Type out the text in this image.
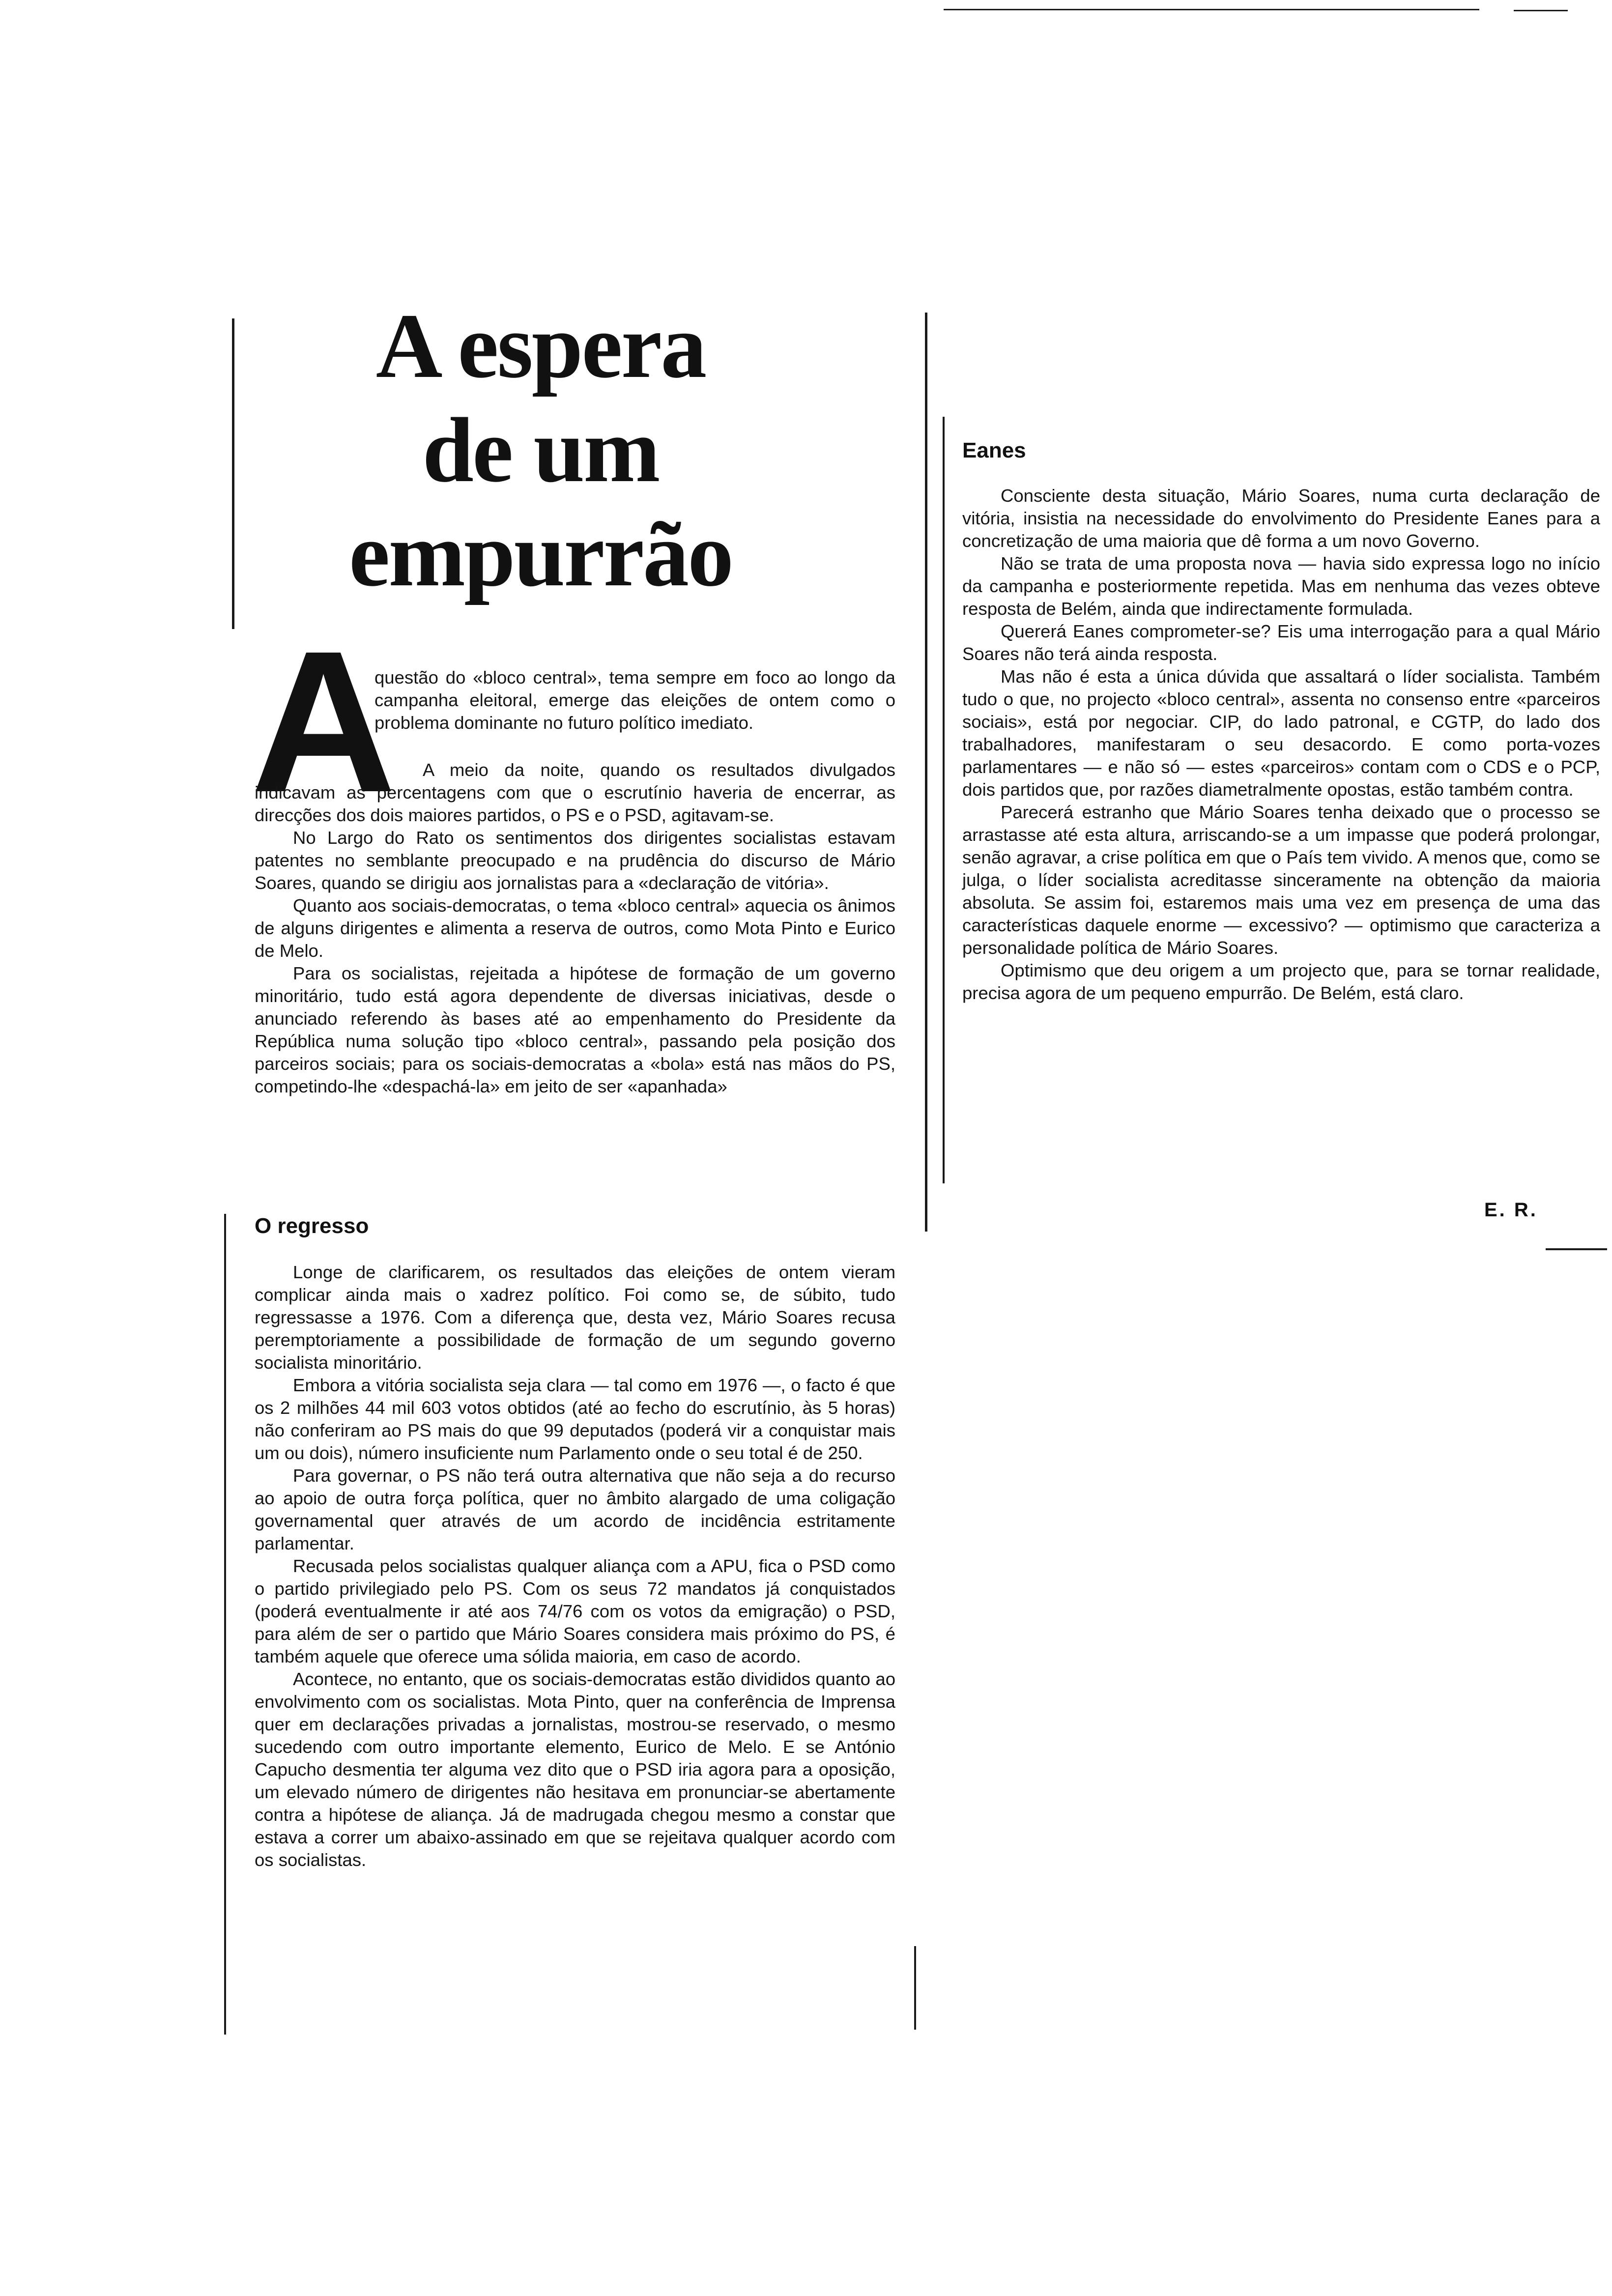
A espera
de um
empurrão
A

questão do «bloco central», tema sempre em foco ao longo da campanha eleitoral, emerge das eleições de ontem como o problema dominante no futuro político imediato.

A meio da noite, quando os resultados divulgados indicavam as percentagens com que o escrutínio haveria de encerrar, as direcções dos dois maiores partidos, o PS e o PSD, agitavam-se.

No Largo do Rato os sentimentos dos dirigentes socialistas estavam patentes no semblante preocupado e na prudência do discurso de Mário Soares, quando se dirigiu aos jornalistas para a «declaração de vitória».

Quanto aos sociais-democratas, o tema «bloco central» aquecia os ânimos de alguns dirigentes e alimenta a reserva de outros, como Mota Pinto e Eurico de Melo.

Para os socialistas, rejeitada a hipótese de formação de um governo minoritário, tudo está agora dependente de diversas iniciativas, desde o anunciado referendo às bases até ao empenhamento do Presidente da República numa solução tipo «bloco central», passando pela posição dos parceiros sociais; para os sociais-democratas a «bola» está nas mãos do PS, competindo-lhe «despachá-la» em jeito de ser «apanhada»

O regresso

Longe de clarificarem, os resultados das eleições de ontem vieram complicar ainda mais o xadrez político. Foi como se, de súbito, tudo regressasse a 1976. Com a diferença que, desta vez, Mário Soares recusa peremptoriamente a possibilidade de formação de um segundo governo socialista minoritário.

Embora a vitória socialista seja clara — tal como em 1976 —, o facto é que os 2 milhões 44 mil 603 votos obtidos (até ao fecho do escrutínio, às 5 horas) não conferiram ao PS mais do que 99 deputados (poderá vir a conquistar mais um ou dois), número insuficiente num Parlamento onde o seu total é de 250.

Para governar, o PS não terá outra alternativa que não seja a do recurso ao apoio de outra força política, quer no âmbito alargado de uma coligação governamental quer através de um acordo de incidência estritamente parlamentar.

Recusada pelos socialistas qualquer aliança com a APU, fica o PSD como o partido privilegiado pelo PS. Com os seus 72 mandatos já conquistados (poderá eventualmente ir até aos 74/76 com os votos da emigração) o PSD, para além de ser o partido que Mário Soares considera mais próximo do PS, é também aquele que oferece uma sólida maioria, em caso de acordo.

Acontece, no entanto, que os sociais-democratas estão divididos quanto ao envolvimento com os socialistas. Mota Pinto, quer na conferência de Imprensa quer em declarações privadas a jornalistas, mostrou-se reservado, o mesmo sucedendo com outro importante elemento, Eurico de Melo. E se António Capucho desmentia ter alguma vez dito que o PSD iria agora para a oposição, um elevado número de dirigentes não hesitava em pronunciar-se abertamente contra a hipótese de aliança. Já de madrugada chegou mesmo a constar que estava a correr um abaixo-assinado em que se rejeitava qualquer acordo com os socialistas.

Eanes

Consciente desta situação, Mário Soares, numa curta declaração de vitória, insistia na necessidade do envolvimento do Presidente Eanes para a concretização de uma maioria que dê forma a um novo Governo.

Não se trata de uma proposta nova — havia sido expressa logo no início da campanha e posteriormente repetida. Mas em nenhuma das vezes obteve resposta de Belém, ainda que indirectamente formulada.

Quererá Eanes comprometer-se? Eis uma interrogação para a qual Mário Soares não terá ainda resposta.

Mas não é esta a única dúvida que assaltará o líder socialista. Também tudo o que, no projecto «bloco central», assenta no consenso entre «parceiros sociais», está por negociar. CIP, do lado patronal, e CGTP, do lado dos trabalhadores, manifestaram o seu desacordo. E como porta-vozes parlamentares — e não só — estes «parceiros» contam com o CDS e o PCP, dois partidos que, por razões diametralmente opostas, estão também contra.

Parecerá estranho que Mário Soares tenha deixado que o processo se arrastasse até esta altura, arriscando-se a um impasse que poderá prolongar, senão agravar, a crise política em que o País tem vivido. A menos que, como se julga, o líder socialista acreditasse sinceramente na obtenção da maioria absoluta. Se assim foi, estaremos mais uma vez em presença de uma das características daquele enorme — excessivo? — optimismo que caracteriza a personalidade política de Mário Soares.

Optimismo que deu origem a um projecto que, para se tornar realidade, precisa agora de um pequeno empurrão. De Belém, está claro.

E. R.
